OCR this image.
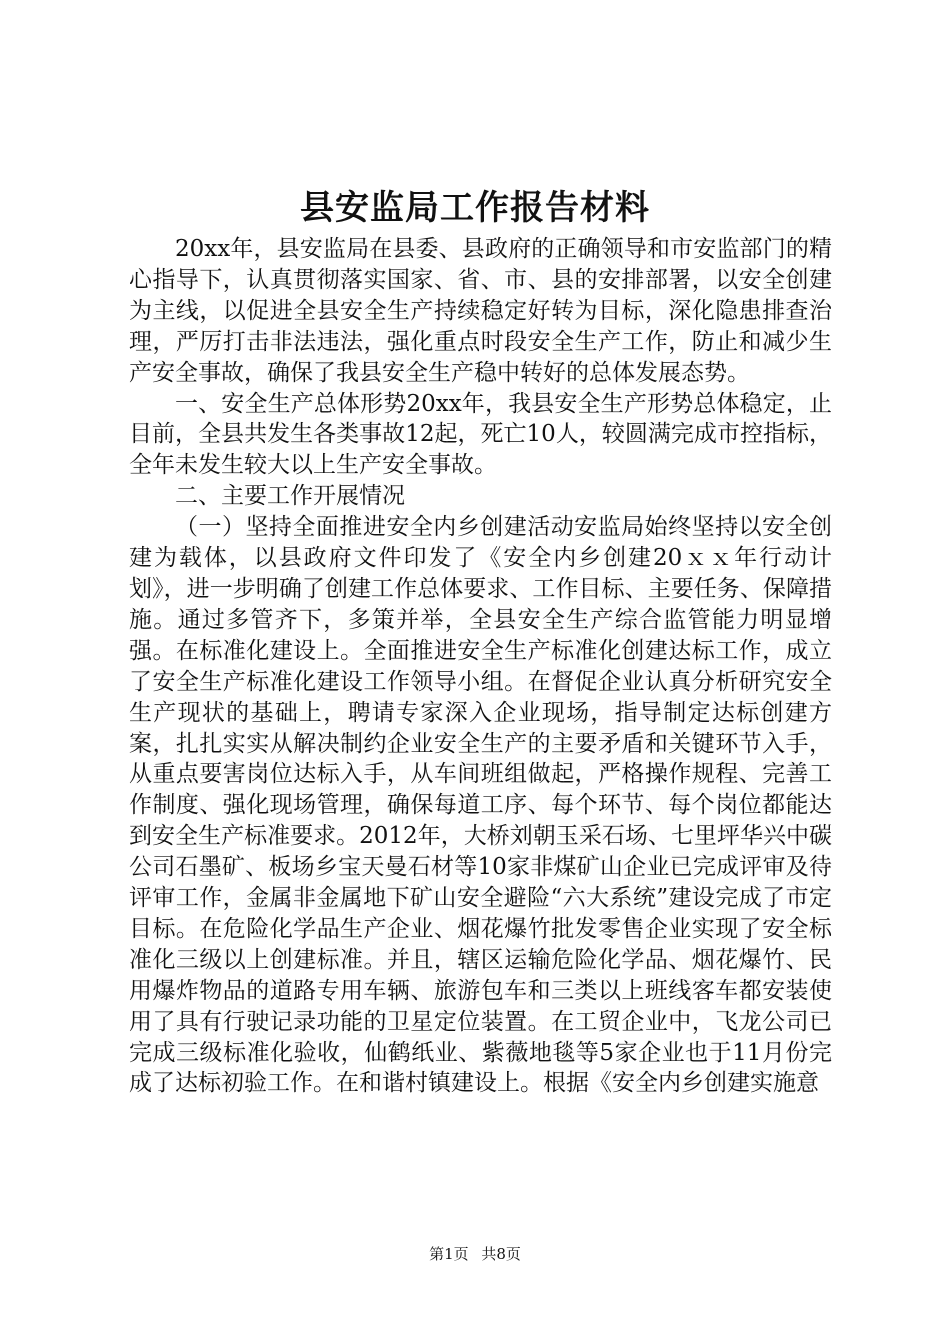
县安监局工作报告材料

20xx年，县安监局在县委、县政府的正确领导和市安监部门的精心指导下，认真贯彻落实国家、省、市、县的安排部署，以安全创建为主线，以促进全县安全生产持续稳定好转为目标，深化隐患排查治理，严厉打击非法违法，强化重点时段安全生产工作，防止和减少生产安全事故，确保了我县安全生产稳中转好的总体发展态势。

一、安全生产总体形势20xx年，我县安全生产形势总体稳定，止目前，全县共发生各类事故12起，死亡10人，较圆满完成市控指标，全年未发生较大以上生产安全事故。

二、主要工作开展情况

（一）坚持全面推进安全内乡创建活动安监局始终坚持以安全创建为载体，以县政府文件印发了《安全内乡创建20ｘｘ年行动计划》，进一步明确了创建工作总体要求、工作目标、主要任务、保障措施。通过多管齐下，多策并举，全县安全生产综合监管能力明显增强。在标准化建设上。全面推进安全生产标准化创建达标工作，成立了安全生产标准化建设工作领导小组。在督促企业认真分析研究安全生产现状的基础上，聘请专家深入企业现场，指导制定达标创建方案，扎扎实实从解决制约企业安全生产的主要矛盾和关键环节入手，从重点要害岗位达标入手，从车间班组做起，严格操作规程、完善工作制度、强化现场管理，确保每道工序、每个环节、每个岗位都能达到安全生产标准要求。2012年，大桥刘朝玉采石场、七里坪华兴中碳公司石墨矿、板场乡宝天曼石材等10家非煤矿山企业已完成评审及待评审工作，金属非金属地下矿山安全避险“六大系统”建设完成了市定目标。在危险化学品生产企业、烟花爆竹批发零售企业实现了安全标准化三级以上创建标准。并且，辖区运输危险化学品、烟花爆竹、民用爆炸物品的道路专用车辆、旅游包车和三类以上班线客车都安装使用了具有行驶记录功能的卫星定位装置。在工贸企业中，飞龙公司已完成三级标准化验收，仙鹤纸业、紫薇地毯等5家企业也于11月份完成了达标初验工作。在和谐村镇建设上。根据《安全内乡创建实施意

第1页 共8页
